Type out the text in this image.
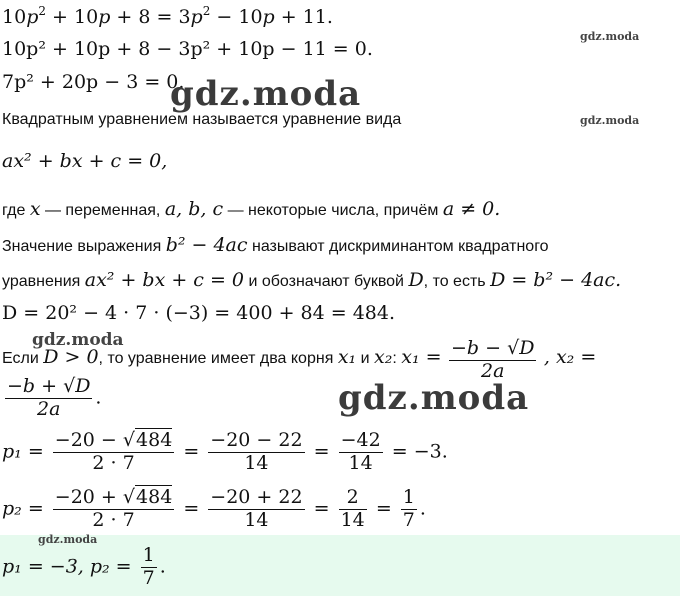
$10p^2 + 10p + 8 = 3p^2 - 10p + 11$.
gdz.moda
10p² + 10p + 8 − 3p² + 10p − 11 = 0.
7p² + 20p − 3 = 0.
gdz.moda
Квадратным уравнением называется уравнение вида	gdz.moda
ax² + bx + c = 0,
где x — переменная, a, b, c — некоторые числа, причём a ≠ 0.
Значение выражения b² − 4ac называют дискриминантом квадратного
уравнения ax² + bx + c = 0 и обозначают буквой D, то есть D = b² − 4ac.
D = 20² − 4 · 7 · (−3) = 400 + 84 = 484.
gdz.moda
Если D > 0, то уравнение имеет два корня x₁ и x₂: $x_1 = \frac{-b - √D}{2a}$ , x₂ =
$\frac{-b + √D}{2a}$ .	gdz.moda
$p_1 = \frac{-20 - √484}{2 \cdot 7} = \frac{-20 - 22}{14} = \frac{-42}{14} = -3$.
$p_2 = \frac{-20 + √484}{2 \cdot 7} = \frac{-20 + 22}{14} = \frac{2}{14} = \frac{1}{7}$ .
gdz.moda
p₁ = −3, $p_2 = \frac{1}{7}$ .
